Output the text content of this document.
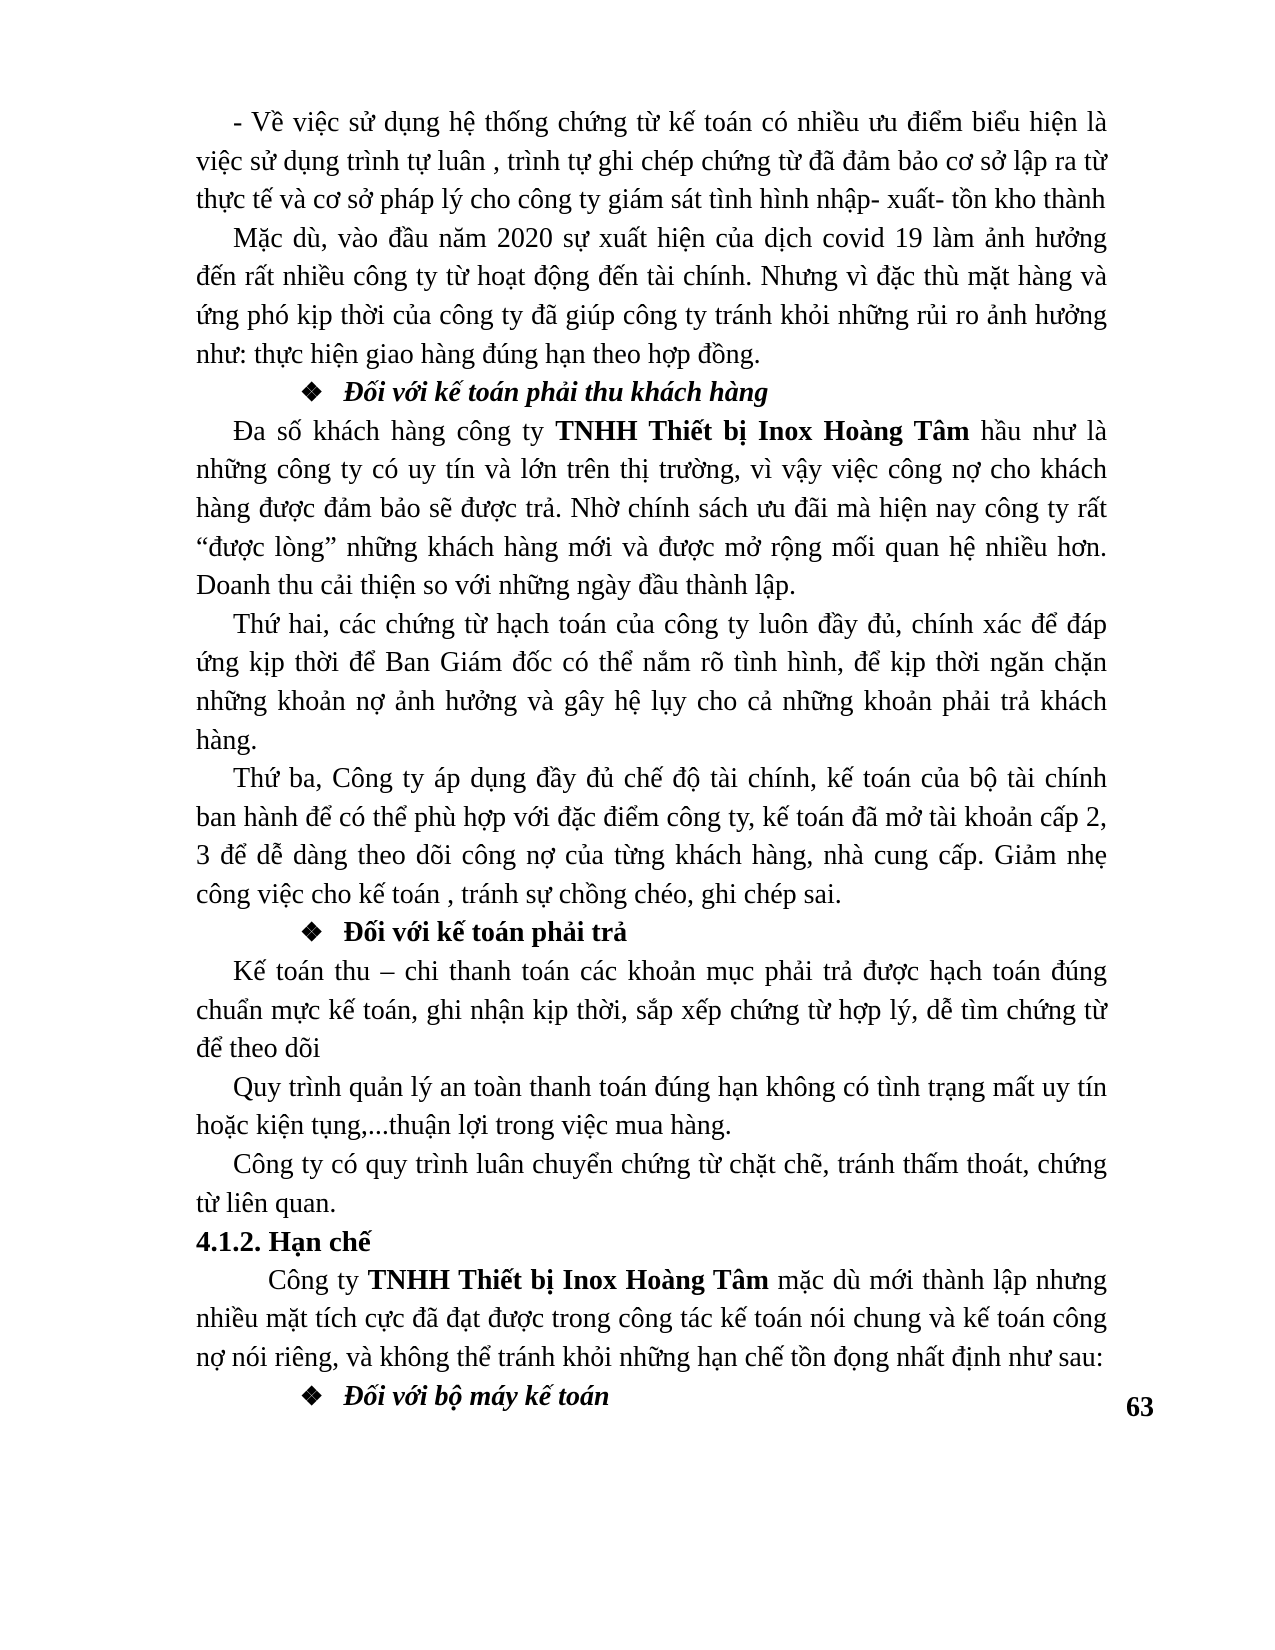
- Về việc sử dụng hệ thống chứng từ kế toán có nhiều ưu điểm biểu hiện là việc sử dụng trình tự luân , trình tự ghi chép chứng từ đã đảm bảo cơ sở lập ra từ thực tế và cơ sở pháp lý cho công ty giám sát tình hình nhập- xuất- tồn kho thành

Mặc dù, vào đầu năm 2020 sự xuất hiện của dịch covid 19 làm ảnh hưởng đến rất nhiều công ty từ hoạt động đến tài chính. Nhưng vì đặc thù mặt hàng và ứng phó kịp thời của công ty đã giúp công ty tránh khỏi những rủi ro ảnh hưởng như: thực hiện giao hàng đúng hạn theo hợp đồng.

❖ Đối với kế toán phải thu khách hàng

Đa số khách hàng công ty TNHH Thiết bị Inox Hoàng Tâm hầu như là những công ty có uy tín và lớn trên thị trường, vì vậy việc công nợ cho khách hàng được đảm bảo sẽ được trả. Nhờ chính sách ưu đãi mà hiện nay công ty rất “được lòng” những khách hàng mới và được mở rộng mối quan hệ nhiều hơn. Doanh thu cải thiện so với những ngày đầu thành lập.

Thứ hai, các chứng từ hạch toán của công ty luôn đầy đủ, chính xác để đáp ứng kịp thời để Ban Giám đốc có thể nắm rõ tình hình, để kịp thời ngăn chặn những khoản nợ ảnh hưởng và gây hệ lụy cho cả những khoản phải trả khách hàng.

Thứ ba, Công ty áp dụng đầy đủ chế độ tài chính, kế toán của bộ tài chính ban hành để có thể phù hợp với đặc điểm công ty, kế toán đã mở tài khoản cấp 2, 3 để dễ dàng theo dõi công nợ của từng khách hàng, nhà cung cấp. Giảm nhẹ công việc cho kế toán , tránh sự chồng chéo, ghi chép sai.

❖ Đối với kế toán phải trả

Kế toán thu – chi thanh toán các khoản mục phải trả được hạch toán đúng chuẩn mực kế toán, ghi nhận kịp thời, sắp xếp chứng từ hợp lý, dễ tìm chứng từ để theo dõi

Quy trình quản lý an toàn thanh toán đúng hạn không có tình trạng mất uy tín hoặc kiện tụng,...thuận lợi trong việc mua hàng.

Công ty có quy trình luân chuyển chứng từ chặt chẽ, tránh thấm thoát, chứng từ liên quan.

4.1.2. Hạn chế

Công ty TNHH Thiết bị Inox Hoàng Tâm mặc dù mới thành lập nhưng nhiều mặt tích cực đã đạt được trong công tác kế toán nói chung và kế toán công nợ nói riêng, và không thể tránh khỏi những hạn chế tồn đọng nhất định như sau:

❖ Đối với bộ máy kế toán	63
